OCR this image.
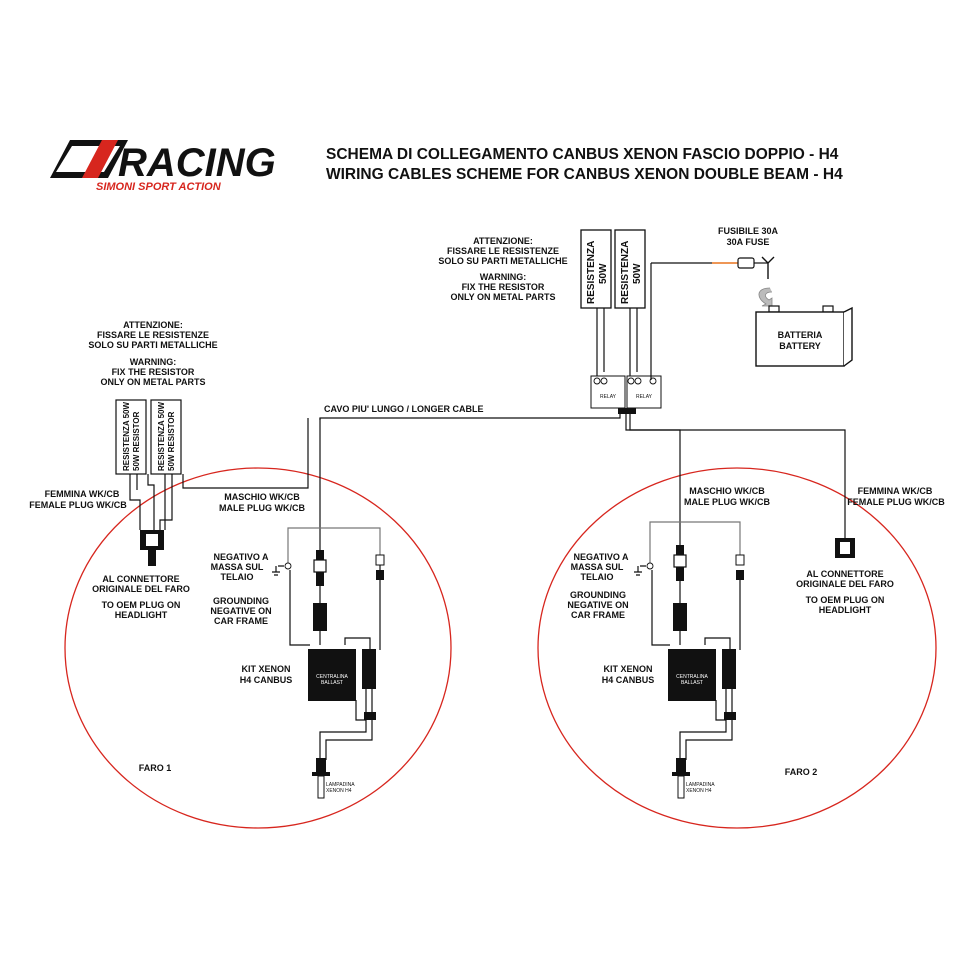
RACING
SIMONI SPORT ACTION
SCHEMA DI COLLEGAMENTO CANBUS XENON FASCIO DOPPIO - H4
WIRING CABLES SCHEME FOR CANBUS XENON DOUBLE BEAM - H4
ATTENZIONE:
FISSARE LE RESISTENZE
SOLO SU PARTI METALLICHE
WARNING:
FIX THE RESISTOR
ONLY ON METAL PARTS	RESISTENZA 50W RESISTENZA 50W
FUSIBILE 30A
30A FUSE
BATTERIA
BATTERY
RELAY	RELAY
CAVO PIU' LUNGO / LONGER CABLE
ATTENZIONE:
FISSARE LE RESISTENZE
SOLO SU PARTI METALLICHE
WARNING:
FIX THE RESISTOR
ONLY ON METAL PARTS
RESISTENZA 50W 50W RESISTOR RESISTENZA 50W 50W RESISTOR
FEMMINA WK/CB
FEMALE PLUG WK/CB
AL CONNETTORE
ORIGINALE DEL FARO
TO OEM PLUG ON
HEADLIGHT
MASCHIO WK/CB
MALE PLUG WK/CB
NEGATIVO A
MASSA SUL
TELAIO
GROUNDING
NEGATIVE ON
CAR FRAME
CENTRALINA
BALLAST
KIT XENON
H4 CANBUS
LAMPADINA
XENON H4
FARO 1
MASCHIO WK/CB
MALE PLUG WK/CB
NEGATIVO A
MASSA SUL
TELAIO
GROUNDING
NEGATIVE ON
CAR FRAME
CENTRALINA
BALLAST
KIT XENON
H4 CANBUS
LAMPADINA
XENON H4
FARO 2
FEMMINA WK/CB
FEMALE PLUG WK/CB
AL CONNETTORE
ORIGINALE DEL FARO
TO OEM PLUG ON
HEADLIGHT
